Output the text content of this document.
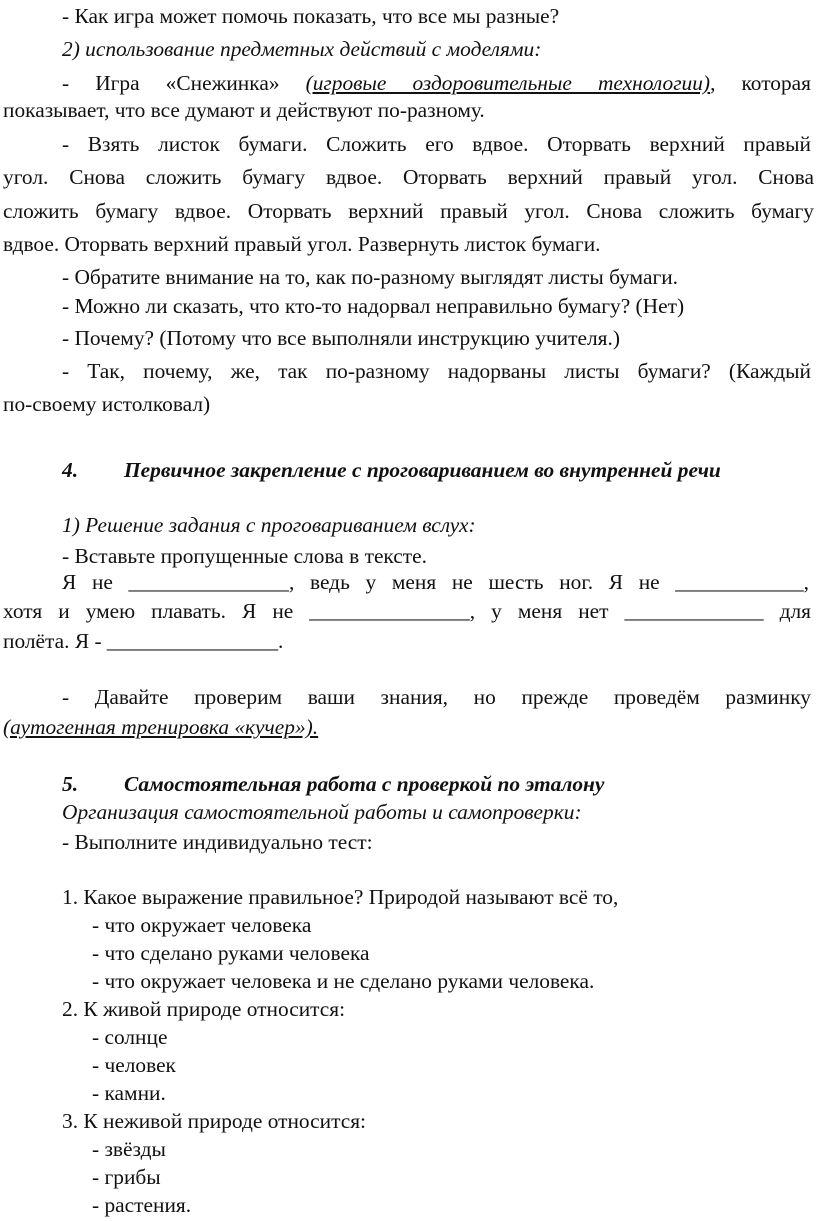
- Как игра может помочь показать, что все мы разные?
2) использование предметных действий с моделями:
- Игра «Снежинка» (игровые оздоровительные технологии), которая
показывает, что все думают и действуют по-разному.
- Взять листок бумаги. Сложить его вдвое. Оторвать верхний правый
угол. Снова сложить бумагу вдвое. Оторвать верхний правый угол. Снова
сложить бумагу вдвое. Оторвать верхний правый угол. Снова сложить бумагу
вдвое. Оторвать верхний правый угол. Развернуть листок бумаги.
- Обратите внимание на то, как по-разному выглядят листы бумаги.
- Можно ли сказать, что кто-то надорвал неправильно бумагу? (Нет)
- Почему? (Потому что все выполняли инструкцию учителя.)
- Так, почему, же, так по-разному надорваны листы бумаги? (Каждый
по-своему истолковал)
4. Первичное закрепление с проговариванием во внутренней речи
1) Решение задания с проговариванием вслух:
- Вставьте пропущенные слова в тексте.
Я не _______________, ведь у меня не шесть ног. Я не ____________,
хотя и умею плавать. Я не _______________, у меня нет _____________ для
полёта. Я - ________________.
- Давайте проверим ваши знания, но прежде проведём разминку
(аутогенная тренировка «кучер»).
5. Самостоятельная работа с проверкой по эталону
Организация самостоятельной работы и самопроверки:
- Выполните индивидуально тест:
1. Какое выражение правильное? Природой называют всё то,
- что окружает человека
- что сделано руками человека
- что окружает человека и не сделано руками человека.
2. К живой природе относится:
- солнце
- человек
- камни.
3. К неживой природе относится:
- звёзды
- грибы
- растения.
